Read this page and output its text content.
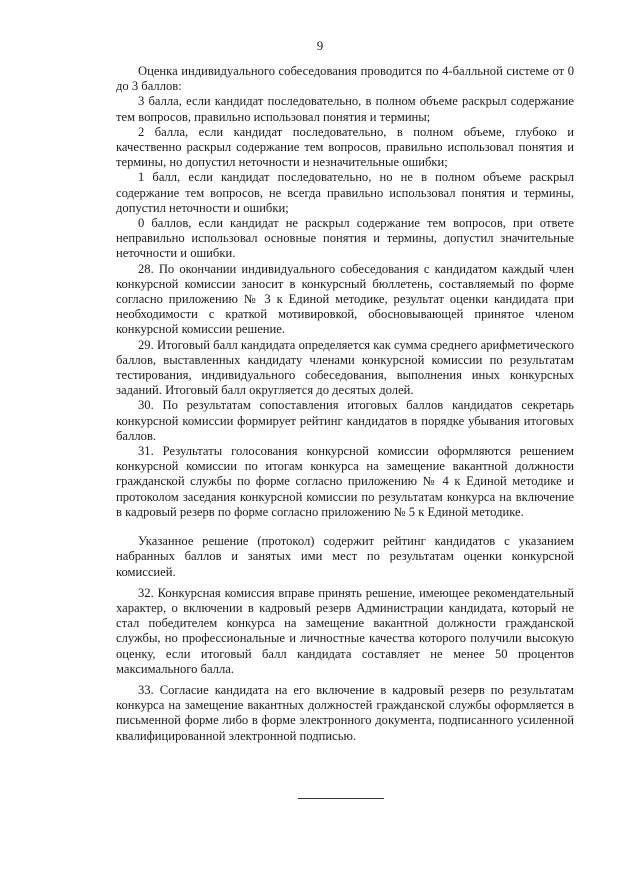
9

Оценка индивидуального собеседования проводится по 4-балльной системе от 0 до 3 баллов:

3 балла, если кандидат последовательно, в полном объеме раскрыл содержание тем вопросов, правильно использовал понятия и термины;

2 балла, если кандидат последовательно, в полном объеме, глубоко и качественно раскрыл содержание тем вопросов, правильно использовал понятия и термины, но допустил неточности и незначительные ошибки;

1 балл, если кандидат последовательно, но не в полном объеме раскрыл содержание тем вопросов, не всегда правильно использовал понятия и термины, допустил неточности и ошибки;

0 баллов, если кандидат не раскрыл содержание тем вопросов, при ответе неправильно использовал основные понятия и термины, допустил значительные неточности и ошибки.

28. По окончании индивидуального собеседования с кандидатом каждый член конкурсной комиссии заносит в конкурсный бюллетень, составляемый по форме согласно приложению № 3 к Единой методике, результат оценки кандидата при необходимости с краткой мотивировкой, обосновывающей принятое членом конкурсной комиссии решение.

29. Итоговый балл кандидата определяется как сумма среднего арифметического баллов, выставленных кандидату членами конкурсной комиссии по результатам тестирования, индивидуального собеседования, выполнения иных конкурсных заданий. Итоговый балл округляется до десятых долей.

30. По результатам сопоставления итоговых баллов кандидатов секретарь конкурсной комиссии формирует рейтинг кандидатов в порядке убывания итоговых баллов.

31. Результаты голосования конкурсной комиссии оформляются решением конкурсной комиссии по итогам конкурса на замещение вакантной должности гражданской службы по форме согласно приложению № 4 к Единой методике и протоколом заседания конкурсной комиссии по результатам конкурса на включение в кадровый резерв по форме согласно приложению № 5 к Единой методике.

Указанное решение (протокол) содержит рейтинг кандидатов с указанием набранных баллов и занятых ими мест по результатам оценки конкурсной комиссией.

32. Конкурсная комиссия вправе принять решение, имеющее рекомендательный характер, о включении в кадровый резерв Администрации кандидата, который не стал победителем конкурса на замещение вакантной должности гражданской службы, но профессиональные и личностные качества которого получили высокую оценку, если итоговый балл кандидата составляет не менее 50 процентов максимального балла.

33. Согласие кандидата на его включение в кадровый резерв по результатам конкурса на замещение вакантных должностей гражданской службы оформляется в письменной форме либо в форме электронного документа, подписанного усиленной квалифицированной электронной подписью.
